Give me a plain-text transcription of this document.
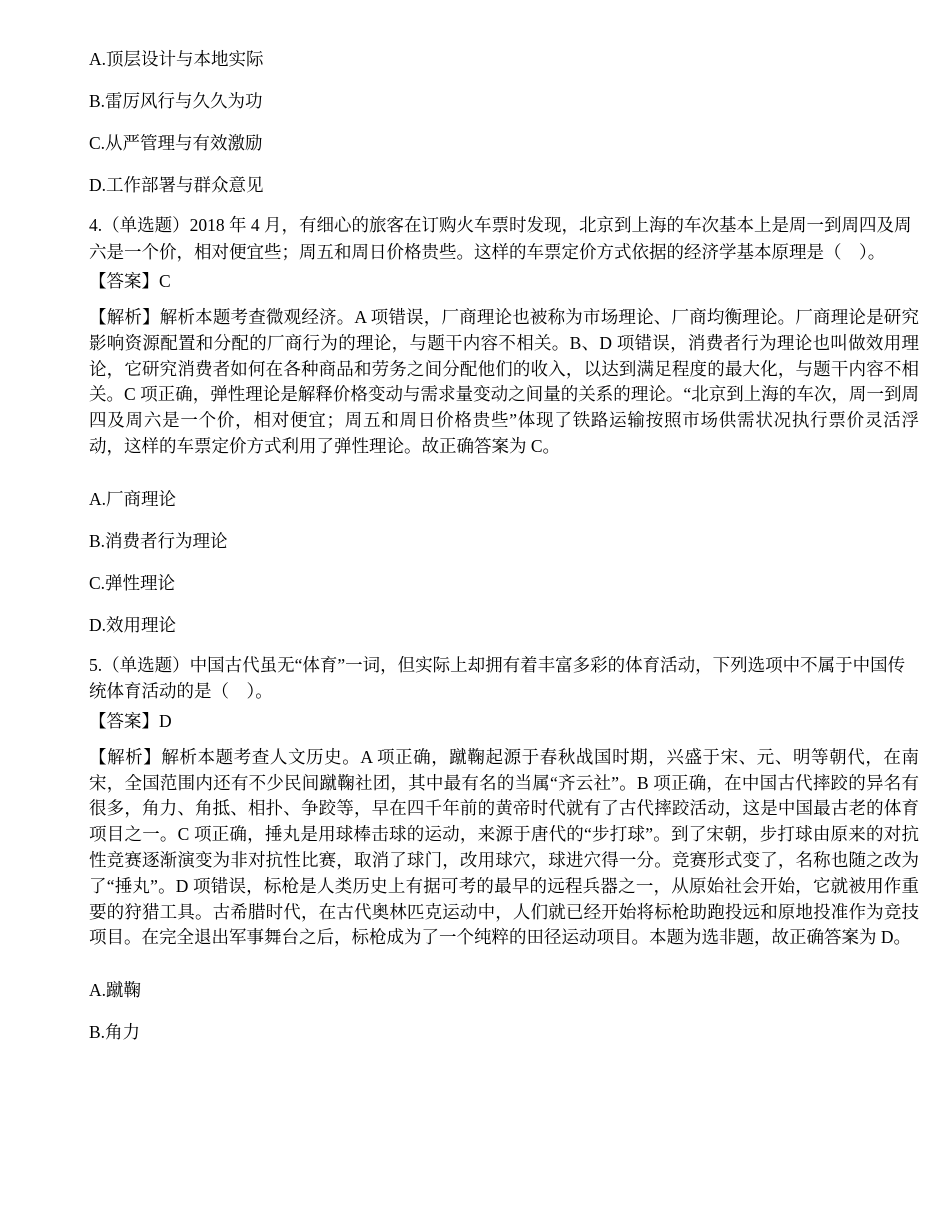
A.顶层设计与本地实际

B.雷厉风行与久久为功

C.从严管理与有效激励

D.工作部署与群众意见

4.（单选题）2018 年 4 月，有细心的旅客在订购火车票时发现，北京到上海的车次基本上是周一到周四及周六是一个价，相对便宜些；周五和周日价格贵些。这样的车票定价方式依据的经济学基本原理是（　）。

【答案】C

【解析】解析本题考查微观经济。A 项错误，厂商理论也被称为市场理论、厂商均衡理论。厂商理论是研究影响资源配置和分配的厂商行为的理论，与题干内容不相关。B、D 项错误，消费者行为理论也叫做效用理论，它研究消费者如何在各种商品和劳务之间分配他们的收入，以达到满足程度的最大化，与题干内容不相关。C 项正确，弹性理论是解释价格变动与需求量变动之间量的关系的理论。“北京到上海的车次，周一到周四及周六是一个价，相对便宜；周五和周日价格贵些”体现了铁路运输按照市场供需状况执行票价灵活浮动，这样的车票定价方式利用了弹性理论。故正确答案为 C。

A.厂商理论

B.消费者行为理论

C.弹性理论

D.效用理论

5.（单选题）中国古代虽无“体育”一词，但实际上却拥有着丰富多彩的体育活动，下列选项中不属于中国传统体育活动的是（　）。

【答案】D

【解析】解析本题考查人文历史。A 项正确，蹴鞠起源于春秋战国时期，兴盛于宋、元、明等朝代，在南宋，全国范围内还有不少民间蹴鞠社团，其中最有名的当属“齐云社”。B 项正确，在中国古代摔跤的异名有很多，角力、角抵、相扑、争跤等，早在四千年前的黄帝时代就有了古代摔跤活动，这是中国最古老的体育项目之一。C 项正确，捶丸是用球棒击球的运动，来源于唐代的“步打球”。到了宋朝，步打球由原来的对抗性竞赛逐渐演变为非对抗性比赛，取消了球门，改用球穴，球进穴得一分。竞赛形式变了，名称也随之改为了“捶丸”。D 项错误，标枪是人类历史上有据可考的最早的远程兵器之一，从原始社会开始，它就被用作重要的狩猎工具。古希腊时代，在古代奥林匹克运动中，人们就已经开始将标枪助跑投远和原地投准作为竞技项目。在完全退出军事舞台之后，标枪成为了一个纯粹的田径运动项目。本题为选非题，故正确答案为 D。

A.蹴鞠

B.角力
